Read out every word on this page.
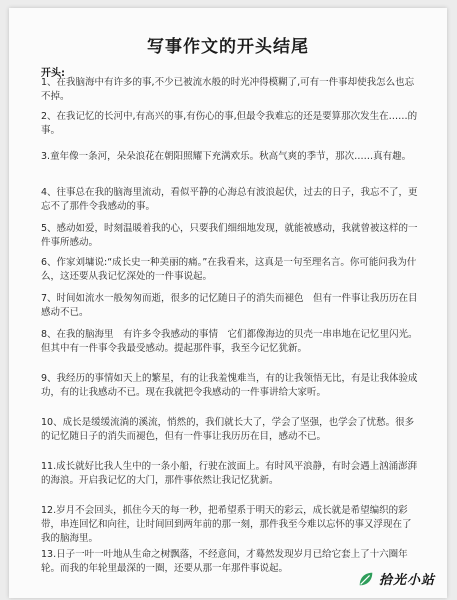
写事作文的开头结尾
开头:

1、在我脑海中有许多的事,不少已被流水般的时光冲得模糊了,可有一件事却使我怎么也忘不掉。

2、在我记忆的长河中,有高兴的事,有伤心的事,但最令我难忘的还是要算那次发生在……的事。

3.童年像一条河，朵朵浪花在朝阳照耀下充满欢乐。秋高气爽的季节，那次……真有趣。

4、往事总在我的脑海里流动，看似平静的心海总有波浪起伏，过去的日子，我忘不了，更忘不了那件令我感动的事。

5、感动如爱，时刻温暖着我的心，只要我们细细地发现，就能被感动，我就曾被这样的一件事所感动。

6、作家刘墉说:“成长史一种美丽的痛。”在我看来，这真是一句至理名言。你可能问我为什么，这还要从我记忆深处的一件事说起。

7、时间如流水一般匆匆而逝，很多的记忆随日子的消失而褪色　但有一件事让我历历在目　感动不已。

8、在我的脑海里　有许多令我感动的事情　它们都像海边的贝壳一串串地在记忆里闪光。但其中有一件事令我最受感动。提起那件事，我至今记忆犹新。

9、我经历的事情如天上的繁星，有的让我羞愧难当，有的让我领悟无比，有是让我体验成功，有的让我感动不已。现在我就把令我感动的一件事讲给大家听。

10、成长是缓缓流淌的溪流，悄然的，我们就长大了，学会了坚强，也学会了忧愁。很多的记忆随日子的消失而褪色，但有一件事让我历历在目，感动不已。

11.成长就好比我人生中的一条小船，行驶在波面上。有时风平浪静，有时会遇上汹涌澎湃的海浪。开启我记忆的大门，那件事依然让我记忆犹新。

12.岁月不会回头，抓住今天的每一秒，把希望系于明天的彩云，成长就是希望编织的彩带，串连回忆和向往，让时间回到两年前的那一刻，那件我至今难以忘怀的事又浮现在了我的脑海里。

13.日子一叶一叶地从生命之树飘落，不经意间，才蓦然发现岁月已给它套上了十六圈年轮。而我的年轮里最深的一圈，还要从那一年那件事说起。

拾光小站
